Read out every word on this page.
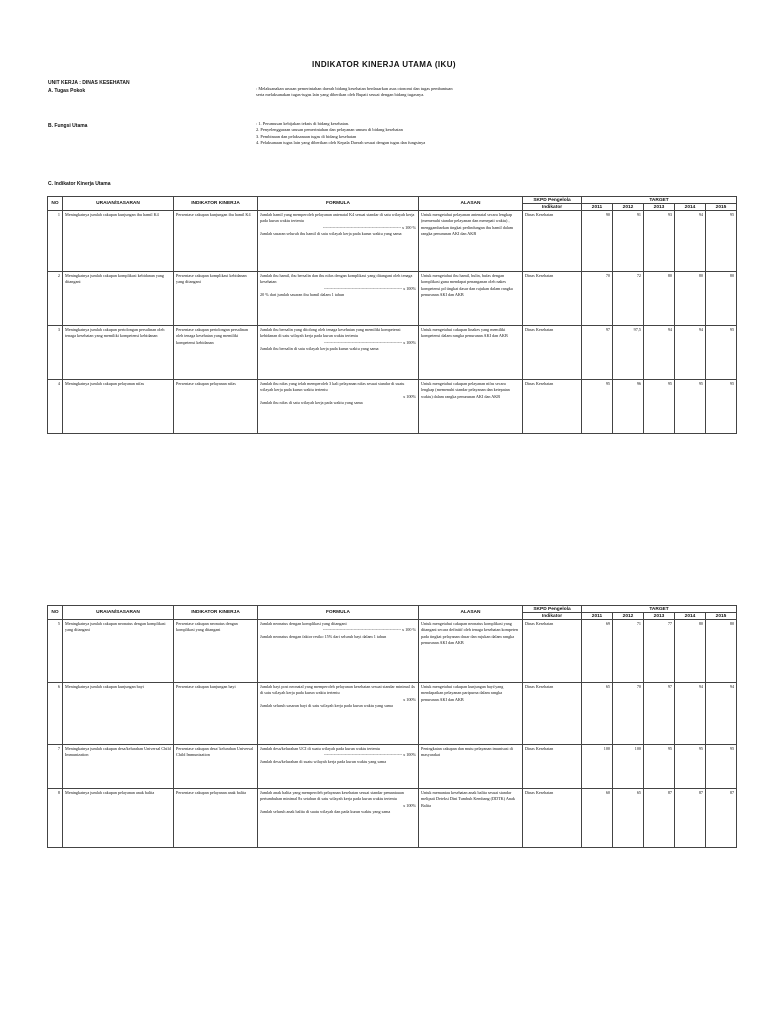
INDIKATOR KINERJA UTAMA (IKU)
UNIT KERJA : DINAS KESEHATAN
A. Tugas Pokok	: Melaksanakan urusan pemerintahan daerah bidang kesehatan berdasarkan asas otonomi dan tugas pembantuan serta melaksanakan tugas-tugas lain yang diberikan oleh Bupati sesuai dengan bidang tugasnya.
B. Fungsi Utama	: 1. Perumusan kebijakan teknis di bidang kesehatan.
2. Penyelenggaraan urusan pemerintahan dan pelayanan umum di bidang kesehatan
3. Pembinaan dan pelaksanaan tugas di bidang kesehatan
4. Pelaksanaan tugas lain yang diberikan oleh Kepala Daerah sesuai dengan tugas dan fungsinya
C. Indikator Kinerja Utama
NO	URAIAN/SASARAN	INDIKATOR KINERJA	FORMULA	ALASAN	SKPD Pengelola	TARGET				
					Indikator	2011	2012	2013	2014	2015
1	Meningkatnya jumlah cakupan kunjungan ibu hamil K4	Persentase cakupan kunjungan ibu hamil K4	Jumlah hamil yang memperoleh pelayanan antenatal K4 sesuai standar di satu wilayah kerja pada kurun waktu tertentu
-------------------------------------------------------- x 100 %
Jumlah sasaran seluruh ibu hamil di satu wilayah kerja pada kurun waktu yang sama	Untuk mengetahui pelayanan antenatal secara lengkap (memenuhi standar pelayanan dan menepati waktu) , menggambarkan tingkat perlindungan ibu hamil dalam rangka penurunan AKI dan AKB	Dinas Kesehatan	90	91	93	94	95
2	Meningkatnya jumlah cakupan komplikasi kebidanan yang ditangani	Persentase cakupan komplikasi kebidanan yang ditangani	Jumlah ibu hamil, ibu bersalin dan ibu nifas dengan komplikasi yang ditangani oleh tenaga kesehatan
-------------------------------------------------------- x 100%
20 % dari jumlah sasaran ibu hamil dalam 1 tahun	Untuk mengetahui ibu hamil, bulin, bufas dengan komplikasi guna mendapat penanganan oleh nakes kompetensi pd tingkat dasar dan rujukan dalam rangka penurunan AKI dan AKB	Dinas Kesehatan	70	72	80	80	80
3	Meningkatnya jumlah cakupan pertolongan persalinan oleh tenaga kesehatan yang memiliki kompetensi kebidanan	Persentase cakupan pertolongan persalinan oleh tenaga kesehatan yang memiliki kompetensi kebidanan	Jumlah ibu bersalin yang ditolong oleh tenaga kesehatan yang memiliki kompetensi kebidanan di satu wilayah kerja pada kurun waktu tertentu
-------------------------------------------------------- x 100%
Jumlah ibu bersalin di satu wilayah kerja pada kurun waktu yang sama	Untuk mengetahui cakupan linakes yang memiliki kompetensi dalam rangka penurunan AKI dan AKB	Dinas Kesehatan	97	97,5	94	94	95
4	Meningkatnya jumlah cakupan pelayanan nifas	Persentase cakupan pelayanan nifas	Jumlah ibu nifas yang telah memperoleh 3 kali pelayanan nifas sesuai standar di suatu wilayah kerja pada kurun waktu tertentu
x 100%
Jumlah ibu nifas di satu wilayah kerja pada waktu yang sama	Untuk mengetahui cakupan pelayanan nifas secara lengkap (memenuhi standar pelayanan dan ketepatan waktu) dalam rangka penurunan AKI dan AKB	Dinas Kesehatan	95	96	95	95	95
NO	URAIAN/SASARAN	INDIKATOR KINERJA	FORMULA	ALASAN	SKPD Pengelola	TARGET				
					Indikator	2011	2012	2013	2014	2015
5	Meningkatnya jumlah cakupan neonatus dengan komplikasi yang ditangani	Persentase cakupan neonatus dengan komplikasi yang ditangani	Jumlah neonatus dengan komplikasi yang ditangani
-------------------------------------------------------- x 100 %
Jumlah neonatus dengan faktor resiko 15% dari seluruh bayi dalam 1 tahun	Untuk mengetahui cakupan neonatus komplikasi yang ditangani secara definitif oleh tenaga kesehatan kompeten pada tingkat pelayanan dasar dan rujukan dalam rangka penurunan AKI dan AKB	Dinas Kesehatan	69	71	77	80	80
6	Meningkatnya jumlah cakupan kunjungan bayi	Persentase cakupan kunjungan bayi	Jumlah bayi post neonatal yang memperoleh pelayanan kesehatan sesuai standar minimal 4x di satu wilayah kerja pada kurun waktu tertentu
x 100%
Jumlah seluruh sasaran bayi di satu wilayah kerja pada kurun waktu yang sama	Untuk mengetahui cakupan kunjungan bayi/yang mendapatkan pelayanan paripurna dalam rangka penurunan AKI dan AKB	Dinas Kesehatan	65	70	97	94	94
7	Meningkatnya jumlah cakupan desa/kelurahan Universal Child Immunization	Persentase cakupan desa/ kelurahan Universal Child Immunization	Jumlah desa/kelurahan UCI di suatu wilayah pada kurun waktu tertentu
-------------------------------------------------------- x 100%
Jumlah desa/kelurahan di suatu wilayah kerja pada kurun waktu yang sama	Peningkatan cakupan dan mutu pelayanan imunisasi di masyarakat	Dinas Kesehatan	100	100	95	95	95
8	Meningkatnya jumlah cakupan pelayanan anak balita	Persentase cakupan pelayanan anak balita	Jumlah anak balita yang memperoleh pelayanan kesehatan sesuai standar pemantauan pertumbuhan minimal 8x setahun di satu wilayah kerja pada kurun waktu tertentu
x 100%
Jumlah seluruh anak balita di suatu wilayah dan pada kurun waktu yang sama	Untuk memantau kesehatan anak balita sesuai standar meliputi Deteksi Dini Tumbuh Kembang (DDTK) Anak Balita	Dinas Kesehatan	60	65	87	87	87
